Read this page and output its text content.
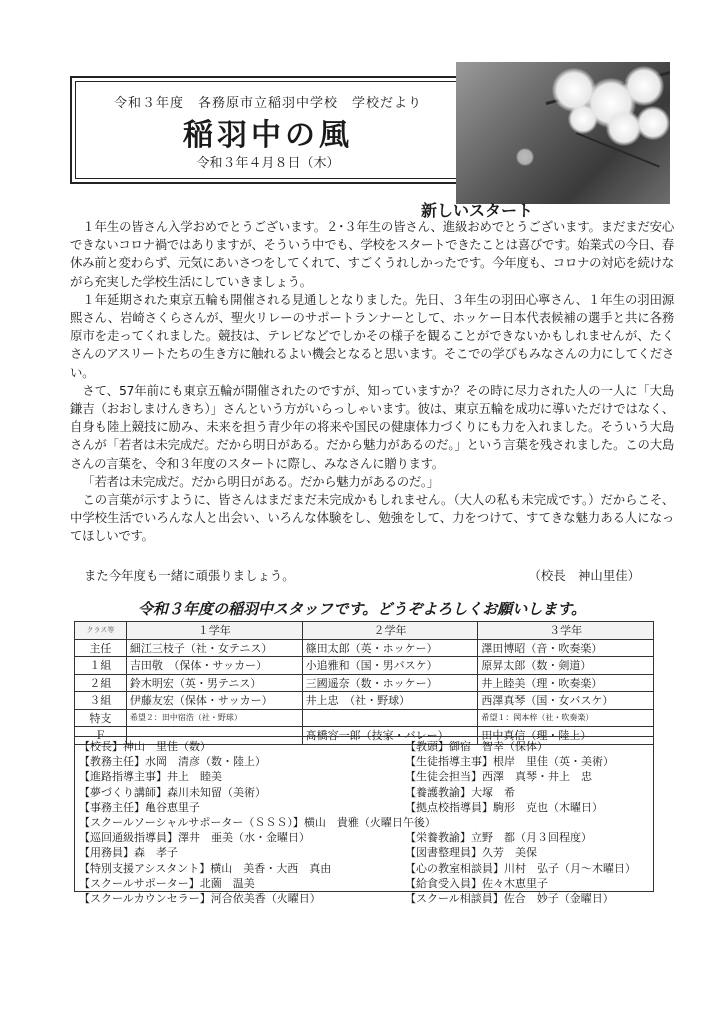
令和３年度　各務原市立稲羽中学校　学校だより
稲羽中の風
令和３年４月８日（木）
新しいスタート

１年生の皆さん入学おめでとうございます。２･３年生の皆さん、進級おめでとうございます。まだまだ安心できないコロナ禍ではありますが、そういう中でも、学校をスタートできたことは喜びです。始業式の今日、春休み前と変わらず、元気にあいさつをしてくれて、すごくうれしかったです。今年度も、コロナの対応を続けながら充実した学校生活にしていきましょう。

１年延期された東京五輪も開催される見通しとなりました。先日、３年生の羽田心寧さん、１年生の羽田源熙さん、岩崎さくらさんが、聖火リレーのサポートランナーとして、ホッケー日本代表候補の選手と共に各務原市を走ってくれました。競技は、テレビなどでしかその様子を観ることができないかもしれませんが、たくさんのアスリートたちの生き方に触れるよい機会となると思います。そこでの学びもみなさんの力にしてください。

さて、57年前にも東京五輪が開催されたのですが、知っていますか？その時に尽力された人の一人に「大島鎌吉（おおしまけんきち）」さんという方がいらっしゃいます。彼は、東京五輪を成功に導いただけではなく、自身も陸上競技に励み、未来を担う青少年の将来や国民の健康体力づくりにも力を入れました。そういう大島さんが「若者は未完成だ。だから明日がある。だから魅力があるのだ。」という言葉を残されました。この大島さんの言葉を、令和３年度のスタートに際し、みなさんに贈ります。

「若者は未完成だ。だから明日がある。だから魅力があるのだ。」

この言葉が示すように、皆さんはまだまだ未完成かもしれません。（大人の私も未完成です。）だからこそ、中学校生活でいろんな人と出会い、いろんな体験をし、勉強をして、力をつけて、すてきな魅力ある人になってほしいです。

また今年度も一緒に頑張りましょう。	（校長　神山里佳）
令和３年度の稲羽中スタッフです。どうぞよろしくお願いします。
クラス等	１学年	２学年	３学年
主任	細江三枝子（社・女テニス）	篠田太郎（英・ホッケー）	澤田博昭（音・吹奏楽）
１組	吉田敬　（保体・サッカー）	小追雅和（国・男バスケ）	原昇太郎（数・剣道）
２組	鈴木明宏（英・男テニス）	三國遥奈（数・ホッケー）	井上睦美（理・吹奏楽）
３組	伊藤友宏（保体・サッカー）	井上忠　（社・野球）	西澤真琴（国・女バスケ）
特支	希望２：田中宿浩（社・野球）		希望１：岡本梓（社・吹奏楽）
Ｆ		髙橋容一郎（技家・バレー）	田中真信（理・陸上）
【校長】神山　里佳（数）
【教務主任】水岡　清彦（数・陸上）
【進路指導主事】井上　睦美
【夢づくり講師】森川未知留（美術）
【事務主任】亀谷恵里子
【スクールソーシャルサポーター（ＳＳＳ）】横山　貴雅（火曜日午後）
【巡回通級指導員】澤井　亜美（水・金曜日）
【用務員】森　孝子
【特別支援アシスタント】横山　美香・大西　真由
【スクールサポーター】北薗　温美
【スクールカウンセラー】河合依美香（火曜日）
【教頭】御宿　智幸（保体）
【生徒指導主事】根岸　里佳（英・美術）
【生徒会担当】西澤　真琴・井上　忠
【養護教諭】大塚　希
【拠点校指導員】駒形　克也（木曜日）
【栄養教諭】立野　都（月３回程度）
【図書整理員】久芳　美保
【心の教室相談員】川村　弘子（月～木曜日）
【給食受入員】佐々木恵里子
【スクール相談員】佐合　妙子（金曜日）
